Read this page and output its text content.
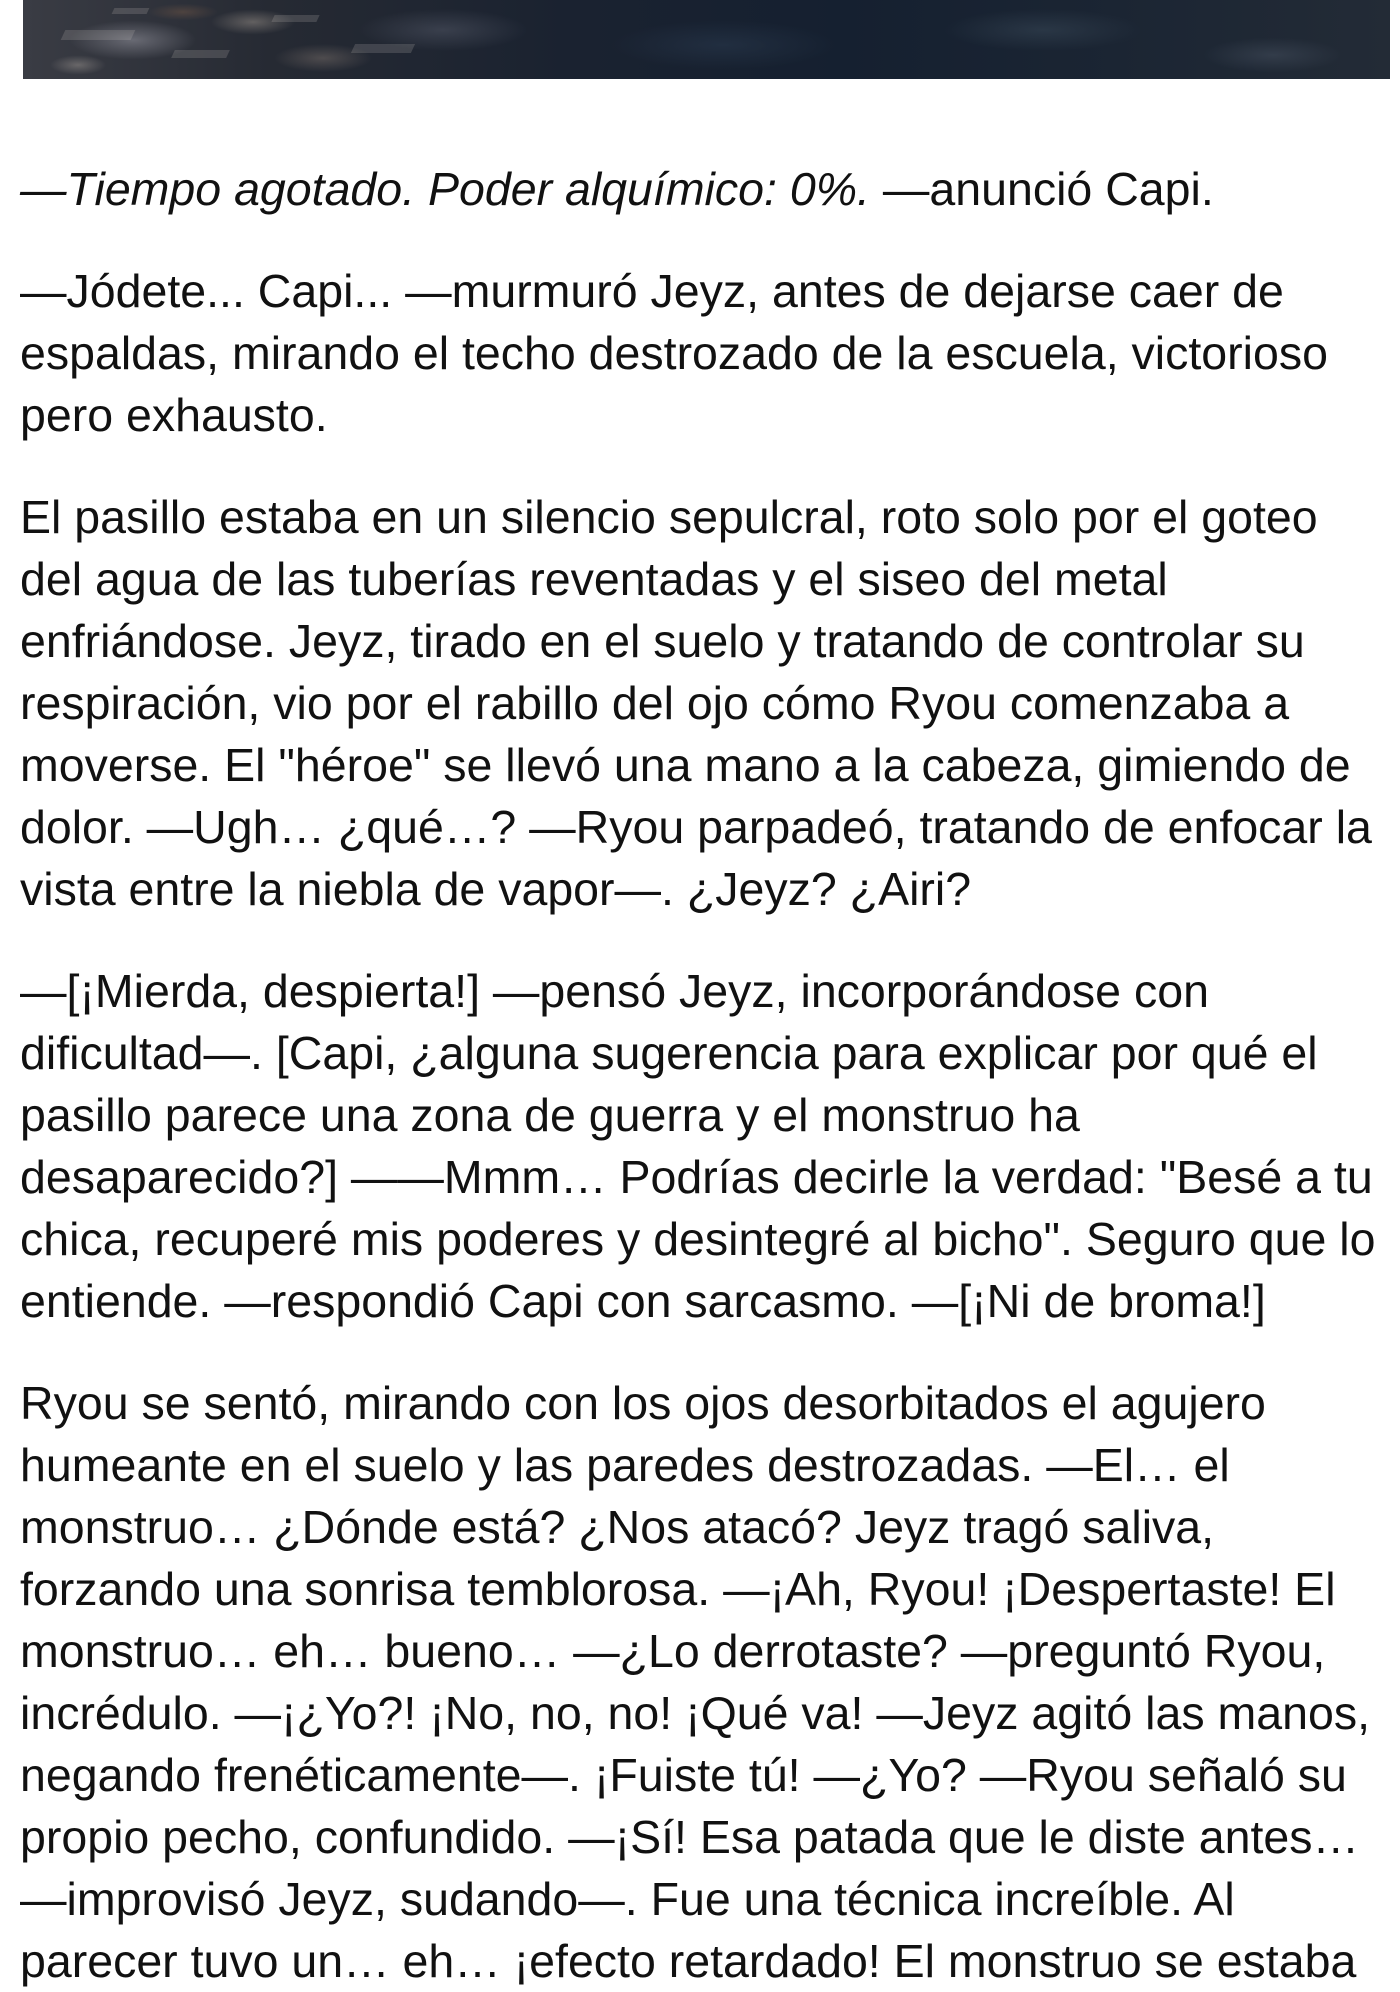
—Tiempo agotado. Poder alquímico: 0%. —anunció Capi.

—Jódete... Capi... —murmuró Jeyz, antes de dejarse caer de
espaldas, mirando el techo destrozado de la escuela, victorioso
pero exhausto.

El pasillo estaba en un silencio sepulcral, roto solo por el goteo
del agua de las tuberías reventadas y el siseo del metal
enfriándose. Jeyz, tirado en el suelo y tratando de controlar su
respiración, vio por el rabillo del ojo cómo Ryou comenzaba a
moverse. El "héroe" se llevó una mano a la cabeza, gimiendo de
dolor. —Ugh… ¿qué…? —Ryou parpadeó, tratando de enfocar la
vista entre la niebla de vapor—. ¿Jeyz? ¿Airi?

—[¡Mierda, despierta!] —pensó Jeyz, incorporándose con
dificultad—. [Capi, ¿alguna sugerencia para explicar por qué el
pasillo parece una zona de guerra y el monstruo ha
desaparecido?] ——Mmm… Podrías decirle la verdad: "Besé a tu
chica, recuperé mis poderes y desintegré al bicho". Seguro que lo
entiende. —respondió Capi con sarcasmo. —[¡Ni de broma!]

Ryou se sentó, mirando con los ojos desorbitados el agujero
humeante en el suelo y las paredes destrozadas. —El… el
monstruo… ¿Dónde está? ¿Nos atacó? Jeyz tragó saliva,
forzando una sonrisa temblorosa. —¡Ah, Ryou! ¡Despertaste! El
monstruo… eh… bueno… —¿Lo derrotaste? —preguntó Ryou,
incrédulo. —¡¿Yo?! ¡No, no, no! ¡Qué va! —Jeyz agitó las manos,
negando frenéticamente—. ¡Fuiste tú! —¿Yo? —Ryou señaló su
propio pecho, confundido. —¡Sí! Esa patada que le diste antes…
—improvisó Jeyz, sudando—. Fue una técnica increíble. Al
parecer tuvo un… eh… ¡efecto retardado! El monstruo se estaba
